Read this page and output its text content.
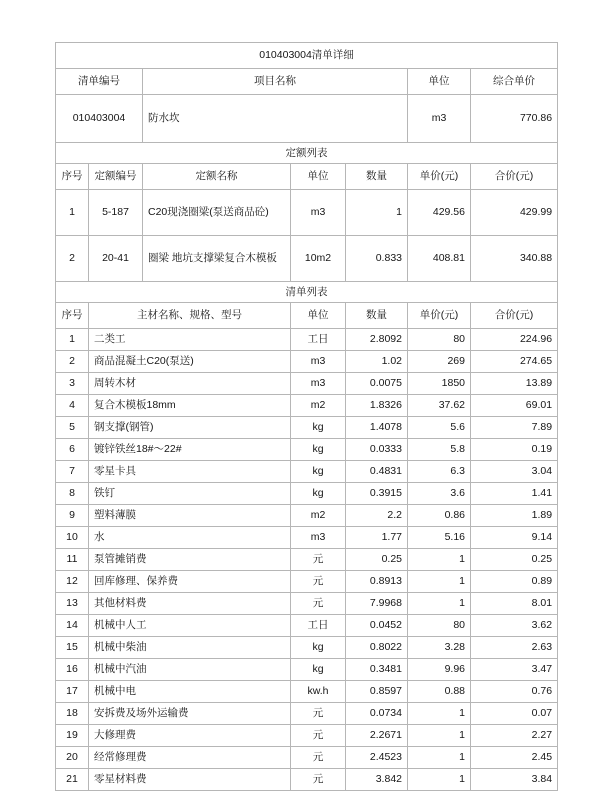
010403004清单详细						
清单编号		项目名称			单位	综合单价
010403004		防水坎			m3	770.86
定额列表						
序号	定额编号	定额名称	单位	数量	单价(元)	合价(元)
1	5-187	C20现浇圈梁(泵送商品砼)	m3	1	429.56	429.99
2	20-41	圈梁 地坑支撑梁复合木模板	10m2	0.833	408.81	340.88
清单列表						
序号	主材名称、规格、型号		单位	数量	单价(元)	合价(元)
1	二类工		工日	2.8092	80	224.96
2	商品混凝土C20(泵送)		m3	1.02	269	274.65
3	周转木材		m3	0.0075	1850	13.89
4	复合木模板18mm		m2	1.8326	37.62	69.01
5	钢支撑(钢管)		kg	1.4078	5.6	7.89
6	镀锌铁丝18#～22#		kg	0.0333	5.8	0.19
7	零星卡具		kg	0.4831	6.3	3.04
8	铁钉		kg	0.3915	3.6	1.41
9	塑料薄膜		m2	2.2	0.86	1.89
10	水		m3	1.77	5.16	9.14
11	泵管摊销费		元	0.25	1	0.25
12	回库修理、保养费		元	0.8913	1	0.89
13	其他材料费		元	7.9968	1	8.01
14	机械中人工		工日	0.0452	80	3.62
15	机械中柴油		kg	0.8022	3.28	2.63
16	机械中汽油		kg	0.3481	9.96	3.47
17	机械中电		kw.h	0.8597	0.88	0.76
18	安拆费及场外运输费		元	0.0734	1	0.07
19	大修理费		元	2.2671	1	2.27
20	经常修理费		元	2.4523	1	2.45
21	零星材料费		元	3.842	1	3.84
